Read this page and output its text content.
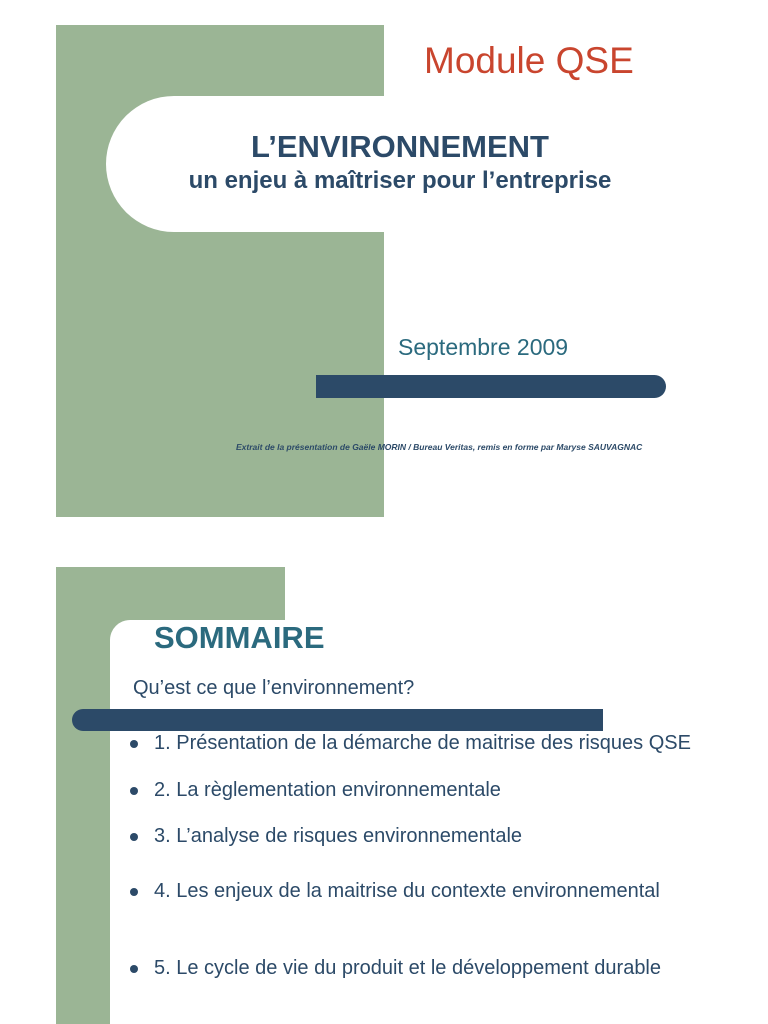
Module QSE
L’ENVIRONNEMENT
un enjeu à maîtriser pour l’entreprise
Septembre 2009
Extrait de la présentation de Gaële MORIN / Bureau Veritas, remis en forme par Maryse SAUVAGNAC
SOMMAIRE
Qu’est ce que l’environnement?
1. Présentation de la démarche de maitrise des risques QSE
2. La règlementation environnementale
3. L’analyse de risques environnementale
4. Les enjeux de la maitrise du contexte environnemental
5. Le cycle de vie du produit et le développement durable
